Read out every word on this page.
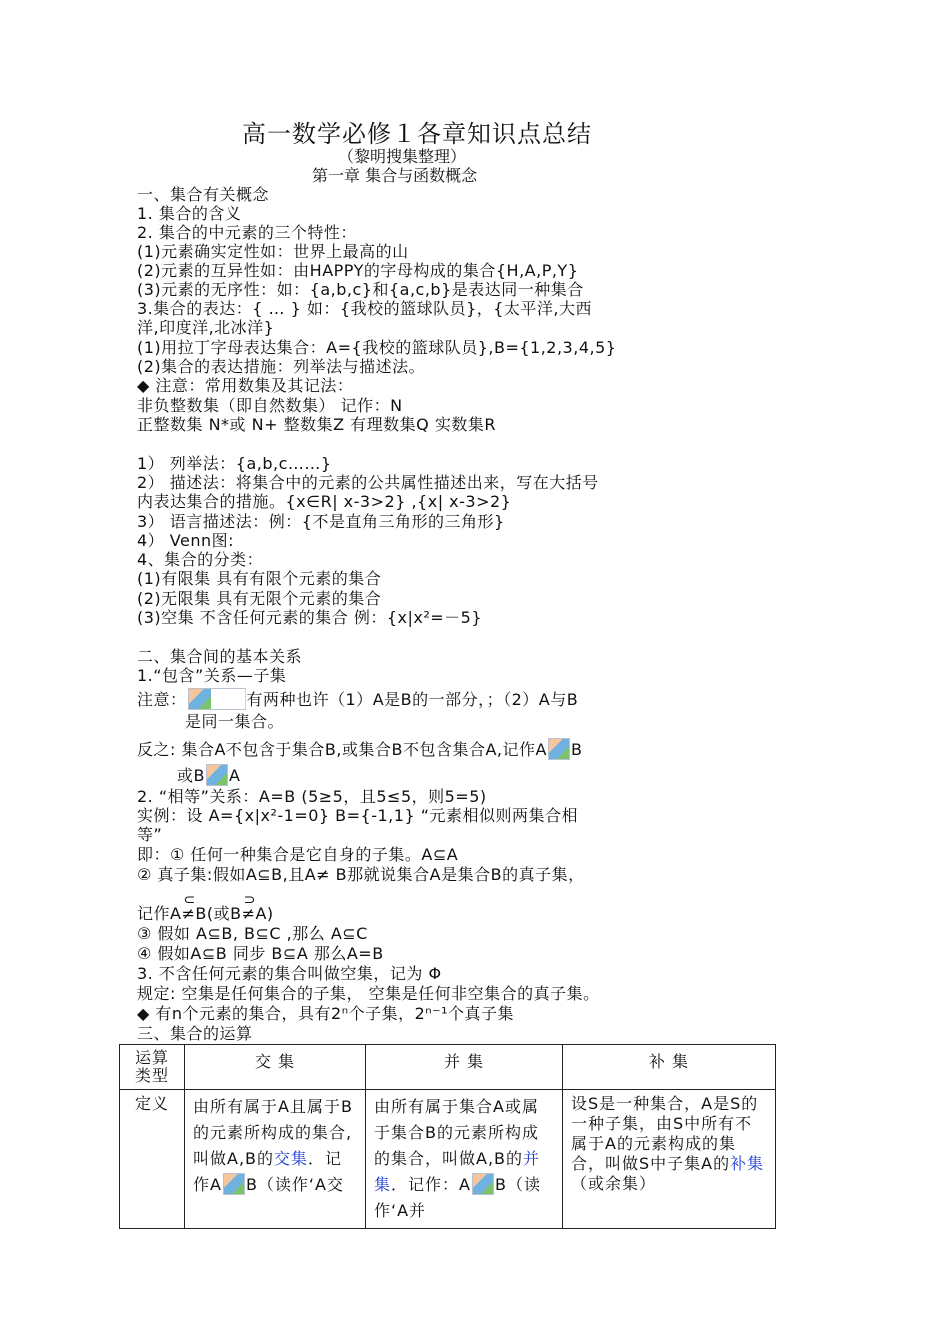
高一数学必修１各章知识点总结
（黎明搜集整理）
第一章 集合与函数概念
一、集合有关概念
1. 集合的含义
2. 集合的中元素的三个特性：
(1)元素确实定性如：世界上最高的山
(2)元素的互异性如：由HAPPY的字母构成的集合{H,A,P,Y}
(3)元素的无序性：如：{a,b,c}和{a,c,b}是表达同一种集合
3.集合的表达：{ … } 如：{我校的篮球队员}，{太平洋,大西
洋,印度洋,北冰洋}
(1)用拉丁字母表达集合：A={我校的篮球队员},B={1,2,3,4,5}
(2)集合的表达措施：列举法与描述法。
◆ 注意：常用数集及其记法：
非负整数集（即自然数集） 记作：N
正整数集 N*或 N+ 整数集Z 有理数集Q 实数集R
1） 列举法：{a,b,c……}
2） 描述法：将集合中的元素的公共属性描述出来，写在大括号
内表达集合的措施。{x∈R| x-3>2} ,{x| x-3>2}
3） 语言描述法：例：{不是直角三角形的三角形}
4） Venn图:
4、集合的分类：
(1)有限集 具有有限个元素的集合
(2)无限集 具有无限个元素的集合
(3)空集 不含任何元素的集合 例：{x|x²=－5}
二、集合间的基本关系
1.“包含”关系—子集
注意：	有两种也许（1）A是B的一部分，；（2）A与B
是同一集合。
反之: 集合A不包含于集合B,或集合B不包含集合A,记作A B
或B A
2. “相等”关系：A=B (5≥5，且5≤5，则5=5)
实例：设 A={x|x²-1=0} B={-1,1} “元素相似则两集合相
等”
即：① 任何一种集合是它自身的子集。A⊆A
② 真子集:假如A⊆B,且A≠ B那就说集合A是集合B的真子集，
记作A
⊂
≠B(或B
⊃
≠A)
③ 假如 A⊆B, B⊆C ,那么 A⊆C
④ 假如A⊆B 同步 B⊆A 那么A=B
3. 不含任何元素的集合叫做空集，记为 Φ
规定: 空集是任何集合的子集， 空集是任何非空集合的真子集。
◆ 有n个元素的集合，具有2ⁿ个子集，2ⁿ⁻¹个真子集
三、集合的运算
运算类型	交 集	并 集	补 集
定义	由所有属于A且属于B的元素所构成的集合,叫做A,B的交集．记作A B（读作‘A交	由所有属于集合A或属于集合B的元素所构成的集合，叫做A,B的并集．记作：A B（读作‘A并	设S是一种集合，A是S的一种子集，由S中所有不属于A的元素构成的集合，叫做S中子集A的补集（或余集）
